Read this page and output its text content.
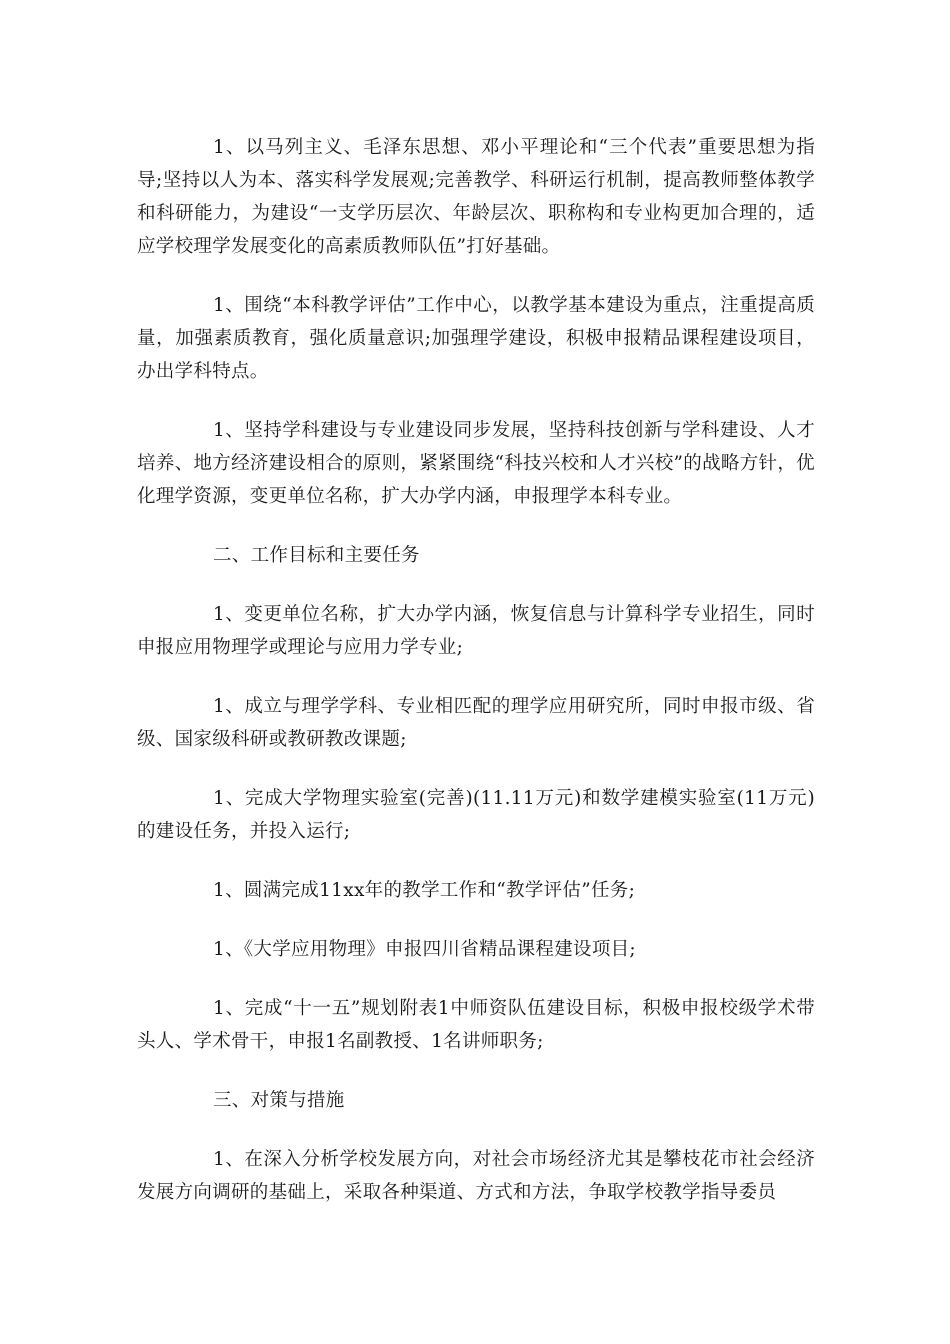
1、以马列主义、毛泽东思想、邓小平理论和“三个代表”重要思想为指导;坚持以人为本、落实科学发展观;完善教学、科研运行机制，提高教师整体教学和科研能力，为建设“一支学历层次、年龄层次、职称构和专业构更加合理的，适应学校理学发展变化的高素质教师队伍”打好基础。

1、围绕“本科教学评估”工作中心，以教学基本建设为重点，注重提高质量，加强素质教育，强化质量意识;加强理学建设，积极申报精品课程建设项目，办出学科特点。

1、坚持学科建设与专业建设同步发展，坚持科技创新与学科建设、人才培养、地方经济建设相合的原则，紧紧围绕“科技兴校和人才兴校”的战略方针，优化理学资源，变更单位名称，扩大办学内涵，申报理学本科专业。

二、工作目标和主要任务

1、变更单位名称，扩大办学内涵，恢复信息与计算科学专业招生，同时申报应用物理学或理论与应用力学专业;

1、成立与理学学科、专业相匹配的理学应用研究所，同时申报市级、省级、国家级科研或教研教改课题;

1、完成大学物理实验室(完善)(11.11万元)和数学建模实验室(11万元)的建设任务，并投入运行;

1、圆满完成11xx年的教学工作和“教学评估”任务;

1、《大学应用物理》申报四川省精品课程建设项目;

1、完成“十一五”规划附表1中师资队伍建设目标，积极申报校级学术带头人、学术骨干，申报1名副教授、1名讲师职务;

三、对策与措施

1、在深入分析学校发展方向，对社会市场经济尤其是攀枝花市社会经济发展方向调研的基础上，采取各种渠道、方式和方法，争取学校教学指导委员
